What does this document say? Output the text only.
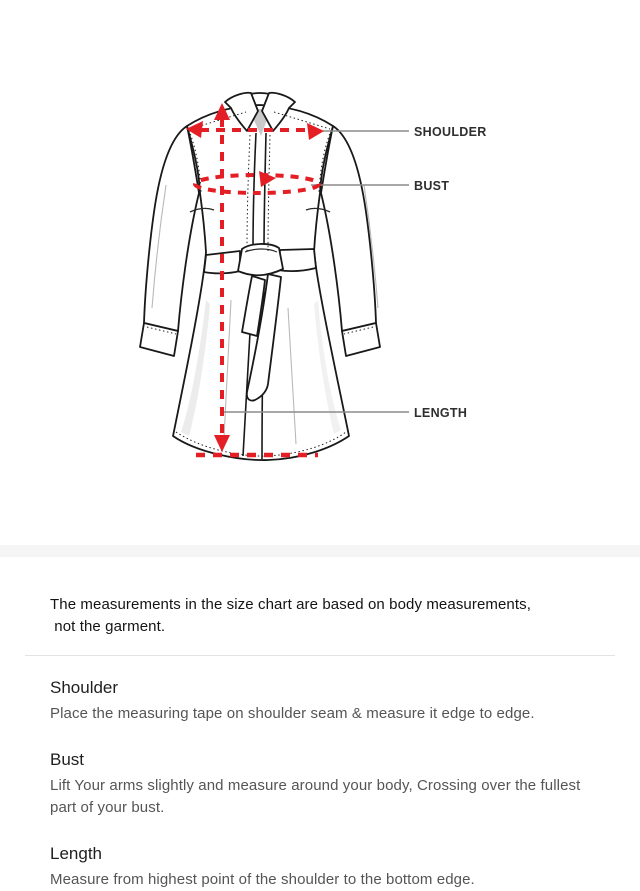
SHOULDER
BUST
LENGTH
The measurements in the size chart are based on body measurements,
not the garment.
Shoulder
Place the measuring tape on shoulder seam & measure it edge to edge.
Bust
Lift Your arms slightly and measure around your body, Crossing over the fullest part of your bust.
Length
Measure from highest point of the shoulder to the bottom edge.
